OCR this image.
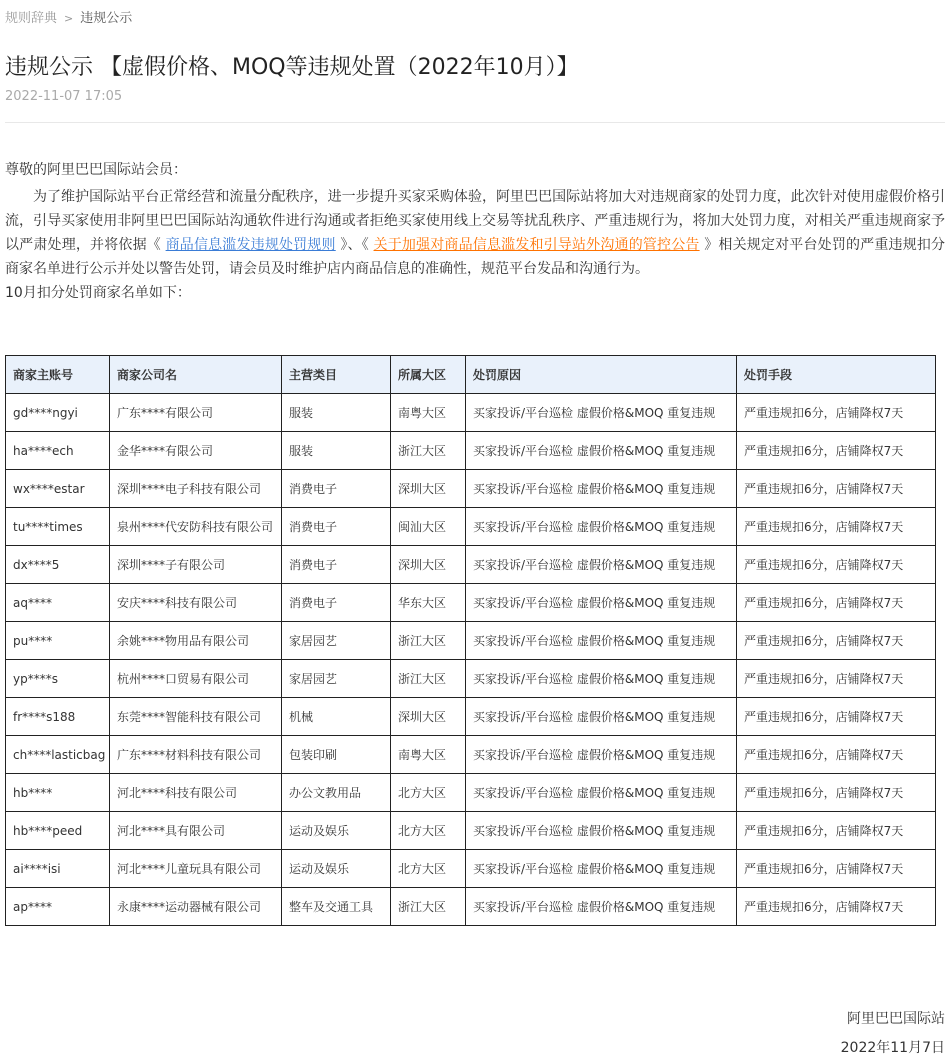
规则辞典 > 违规公示
违规公示 【虚假价格、MOQ等违规处置（2022年10月）】
2022-11-07 17:05

尊敬的阿里巴巴国际站会员：

为了维护国际站平台正常经营和流量分配秩序，进一步提升买家采购体验，阿里巴巴国际站将加大对违规商家的处罚力度，此次针对使用虚假价格引流，引导买家使用非阿里巴巴国际站沟通软件进行沟通或者拒绝买家使用线上交易等扰乱秩序、严重违规行为，将加大处罚力度，对相关严重违规商家予以严肃处理，并将依据《 商品信息滥发违规处罚规则 》、《 关于加强对商品信息滥发和引导站外沟通的管控公告 》相关规定对平台处罚的严重违规扣分商家名单进行公示并处以警告处罚，请会员及时维护店内商品信息的准确性，规范平台发品和沟通行为。

10月扣分处罚商家名单如下：

商家主账号	商家公司名	主营类目	所属大区	处罚原因	处罚手段
gd****ngyi	广东****有限公司	服装	南粤大区	买家投诉/平台巡检 虚假价格&MOQ 重复违规	严重违规扣6分，店铺降权7天
ha****ech	金华****有限公司	服装	浙江大区	买家投诉/平台巡检 虚假价格&MOQ 重复违规	严重违规扣6分，店铺降权7天
wx****estar	深圳****电子科技有限公司	消费电子	深圳大区	买家投诉/平台巡检 虚假价格&MOQ 重复违规	严重违规扣6分，店铺降权7天
tu****times	泉州****代安防科技有限公司	消费电子	闽汕大区	买家投诉/平台巡检 虚假价格&MOQ 重复违规	严重违规扣6分，店铺降权7天
dx****5	深圳****子有限公司	消费电子	深圳大区	买家投诉/平台巡检 虚假价格&MOQ 重复违规	严重违规扣6分，店铺降权7天
aq****	安庆****科技有限公司	消费电子	华东大区	买家投诉/平台巡检 虚假价格&MOQ 重复违规	严重违规扣6分，店铺降权7天
pu****	余姚****物用品有限公司	家居园艺	浙江大区	买家投诉/平台巡检 虚假价格&MOQ 重复违规	严重违规扣6分，店铺降权7天
yp****s	杭州****口贸易有限公司	家居园艺	浙江大区	买家投诉/平台巡检 虚假价格&MOQ 重复违规	严重违规扣6分，店铺降权7天
fr****s188	东莞****智能科技有限公司	机械	深圳大区	买家投诉/平台巡检 虚假价格&MOQ 重复违规	严重违规扣6分，店铺降权7天
ch****lasticbag	广东****材料科技有限公司	包装印刷	南粤大区	买家投诉/平台巡检 虚假价格&MOQ 重复违规	严重违规扣6分，店铺降权7天
hb****	河北****科技有限公司	办公文教用品	北方大区	买家投诉/平台巡检 虚假价格&MOQ 重复违规	严重违规扣6分，店铺降权7天
hb****peed	河北****具有限公司	运动及娱乐	北方大区	买家投诉/平台巡检 虚假价格&MOQ 重复违规	严重违规扣6分，店铺降权7天
ai****isi	河北****儿童玩具有限公司	运动及娱乐	北方大区	买家投诉/平台巡检 虚假价格&MOQ 重复违规	严重违规扣6分，店铺降权7天
ap****	永康****运动器械有限公司	整车及交通工具	浙江大区	买家投诉/平台巡检 虚假价格&MOQ 重复违规	严重违规扣6分，店铺降权7天
阿里巴巴国际站
2022年11月7日
